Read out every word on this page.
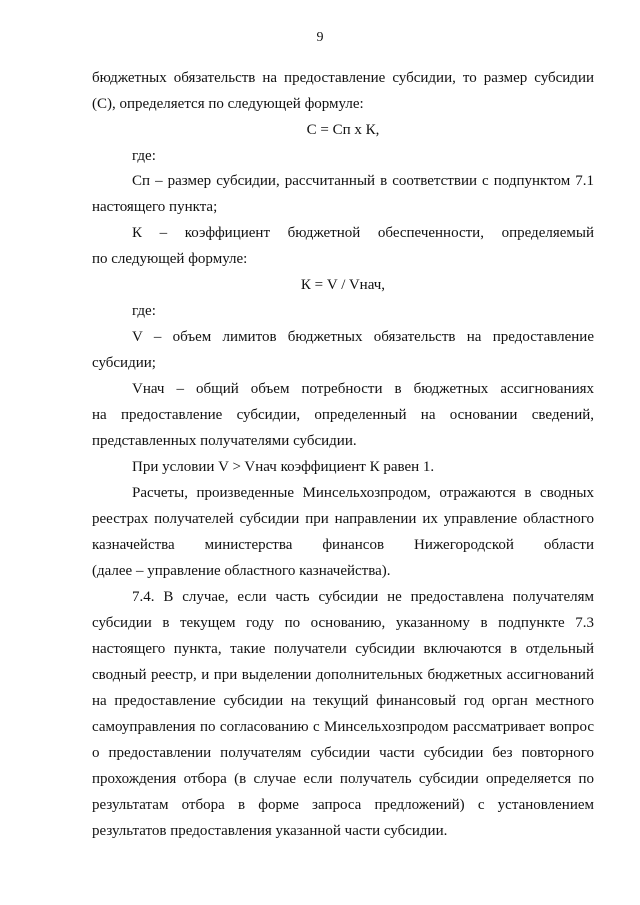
9
бюджетных обязательств на предоставление субсидии, то размер субсидии
(С), определяется по следующей формуле:
С = Сп х К,
где:
Сп – размер субсидии, рассчитанный в соответствии с подпунктом 7.1
настоящего пункта;
К – коэффициент бюджетной обеспеченности, определяемый
по следующей формуле:
К = V / Vнач,
где:
V – объем лимитов бюджетных обязательств на предоставление
субсидии;
Vнач – общий объем потребности в бюджетных ассигнованиях
на предоставление субсидии, определенный на основании сведений,
представленных получателями субсидии.
При условии V > Vнач коэффициент К равен 1.
Расчеты, произведенные Минсельхозпродом, отражаются в сводных
реестрах получателей субсидии при направлении их управление областного
казначейства министерства финансов Нижегородской области
(далее – управление областного казначейства).
7.4. В случае, если часть субсидии не предоставлена получателям
субсидии в текущем году по основанию, указанному в подпункте 7.3
настоящего пункта, такие получатели субсидии включаются в отдельный
сводный реестр, и при выделении дополнительных бюджетных ассигнований
на предоставление субсидии на текущий финансовый год орган местного
самоуправления по согласованию с Минсельхозпродом рассматривает вопрос
о предоставлении получателям субсидии части субсидии без повторного
прохождения отбора (в случае если получатель субсидии определяется по
результатам отбора в форме запроса предложений) с установлением
результатов предоставления указанной части субсидии.
